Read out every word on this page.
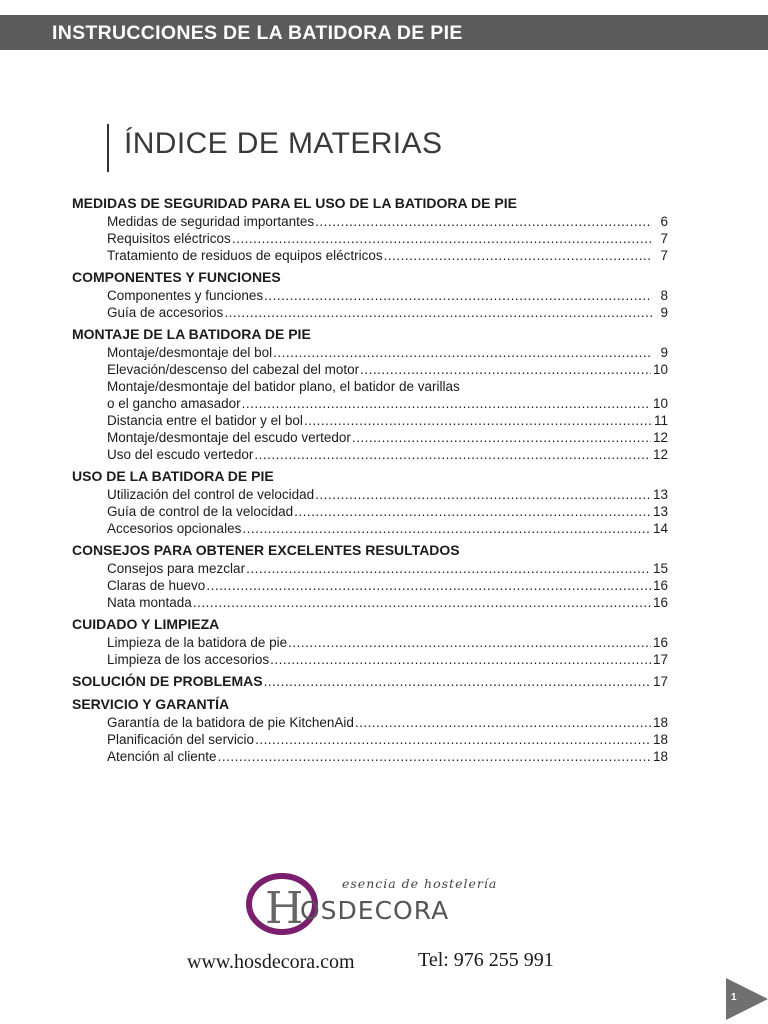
INSTRUCCIONES DE LA BATIDORA DE PIE
ÍNDICE DE MATERIAS
MEDIDAS DE SEGURIDAD PARA EL USO DE LA BATIDORA DE PIE
Medidas de seguridad importantes .....	6
Requisitos eléctricos .....	7
Tratamiento de residuos de equipos eléctricos .....	7
COMPONENTES Y FUNCIONES
Componentes y funciones .....	8
Guía de accesorios .....	9
MONTAJE DE LA BATIDORA DE PIE
Montaje/desmontaje del bol .....	9
Elevación/descenso del cabezal del motor .....	10
Montaje/desmontaje del batidor plano, el batidor de varillas
o el gancho amasador .....	10
Distancia entre el batidor y el bol .....	11
Montaje/desmontaje del escudo vertedor .....	12
Uso del escudo vertedor .....	12
USO DE LA BATIDORA DE PIE
Utilización del control de velocidad .....	13
Guía de control de la velocidad .....	13
Accesorios opcionales .....	14
CONSEJOS PARA OBTENER EXCELENTES RESULTADOS
Consejos para mezclar .....	15
Claras de huevo .....	16
Nata montada .....	16
CUIDADO Y LIMPIEZA
Limpieza de la batidora de pie .....	16
Limpieza de los accesorios .....	17
SOLUCIÓN DE PROBLEMAS .....	17
SERVICIO Y GARANTÍA
Garantía de la batidora de pie KitchenAid .....	18
Planificación del servicio .....	18
Atención al cliente .....	18
H	esencia de hostelería

OSDECORA

www.hosdecora.com	Tel: 976 255 991

1
